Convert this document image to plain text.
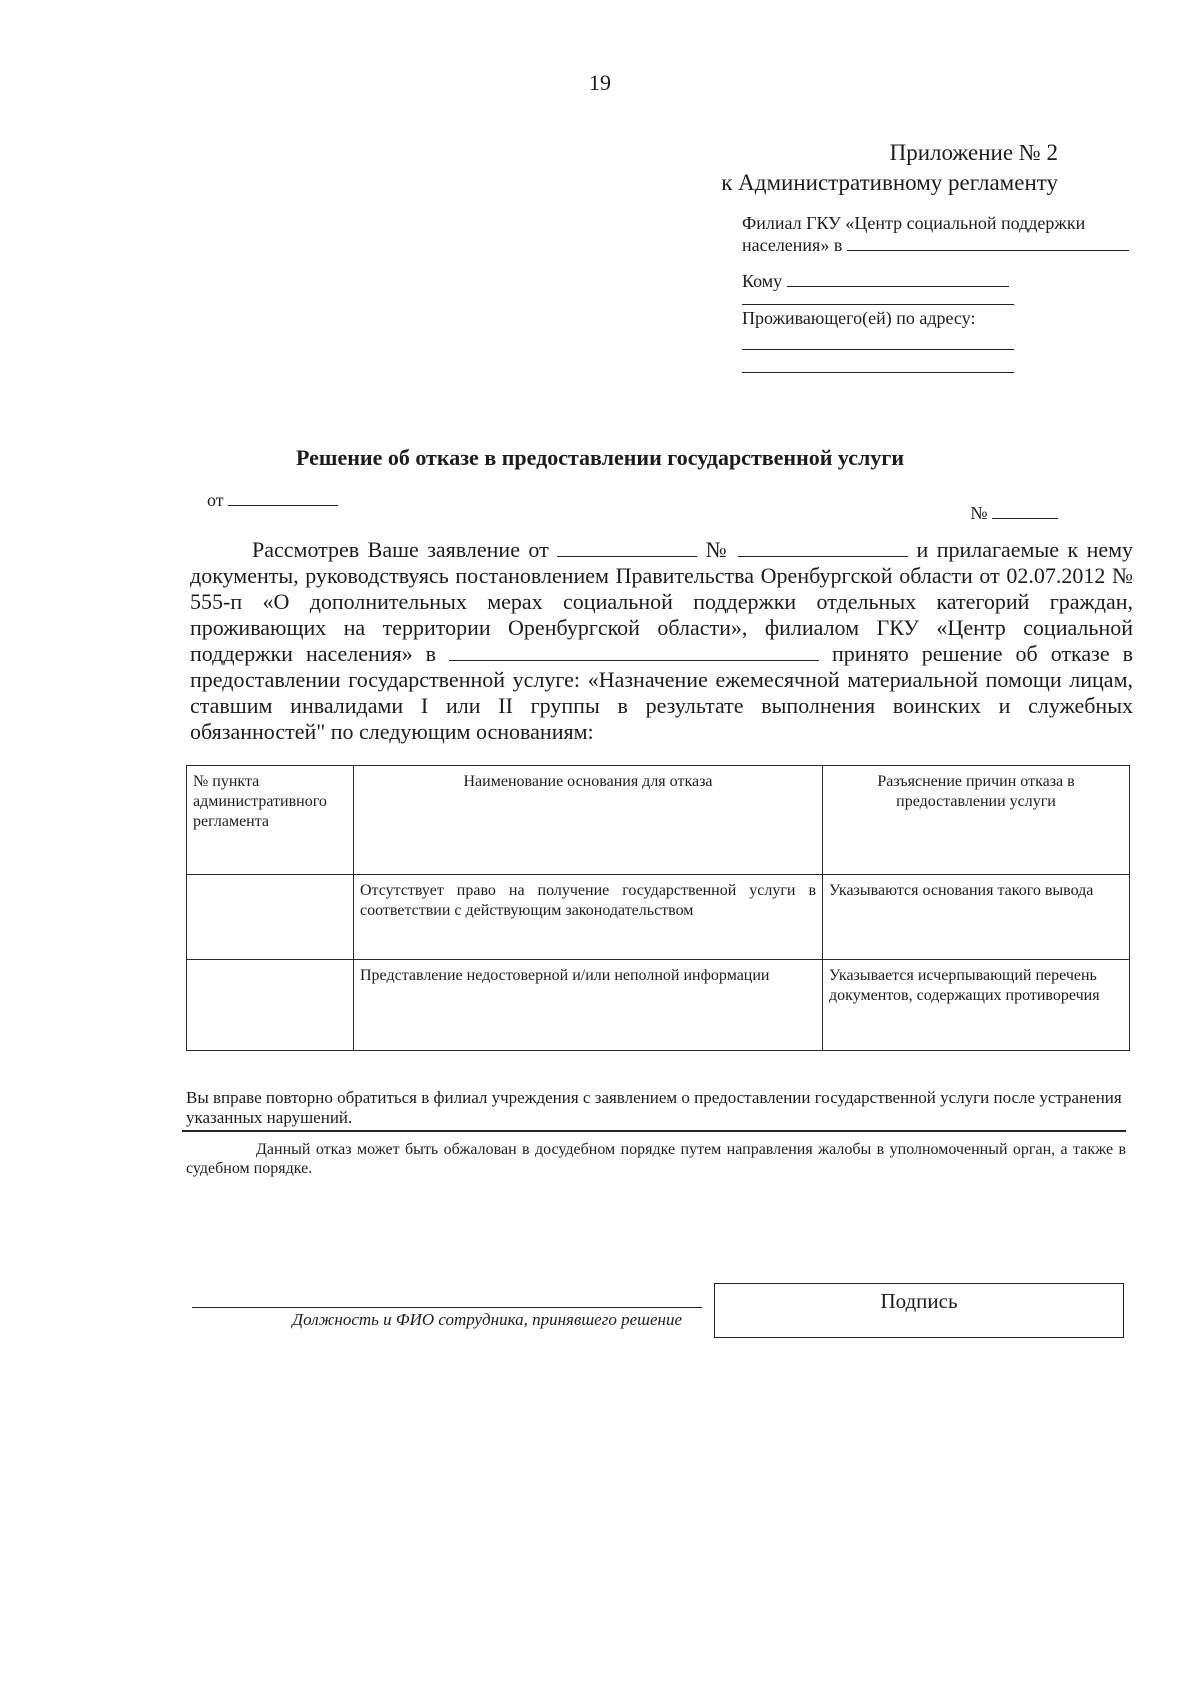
19
Приложение № 2
к Административному регламенту
Филиал ГКУ «Центр социальной поддержки
населения» в
Кому
Проживающего(ей) по адресу:
Решение об отказе в предоставлении государственной услуги
от
№

Рассмотрев Ваше заявление от	№	и прилагаемые к нему документы, руководствуясь постановлением Правительства Оренбургской области от 02.07.2012 № 555-п «О дополнительных мерах социальной поддержки отдельных категорий граждан, проживающих на территории Оренбургской области», филиалом ГКУ «Центр социальной поддержки населения» в	принято решение об отказе в предоставлении государственной услуге: «Назначение ежемесячной материальной помощи лицам, ставшим инвалидами I или II группы в результате выполнения воинских и служебных обязанностей" по следующим основаниям:

№ пункта административного регламента	Наименование основания для отказа	Разъяснение причин отказа в предоставлении услуги
	Отсутствует право на получение государственной услуги в соответствии с действующим законодательством	Указываются основания такого вывода
	Представление недостоверной и/или неполной информации	Указывается исчерпывающий перечень документов, содержащих противоречия
Вы вправе повторно обратиться в филиал учреждения с заявлением о предоставлении государственной услуги после устранения указанных нарушений.
Данный отказ может быть обжалован в досудебном порядке путем направления жалобы в уполномоченный орган, а также в судебном порядке.
Должность и ФИО сотрудника, принявшего решение
Подпись
